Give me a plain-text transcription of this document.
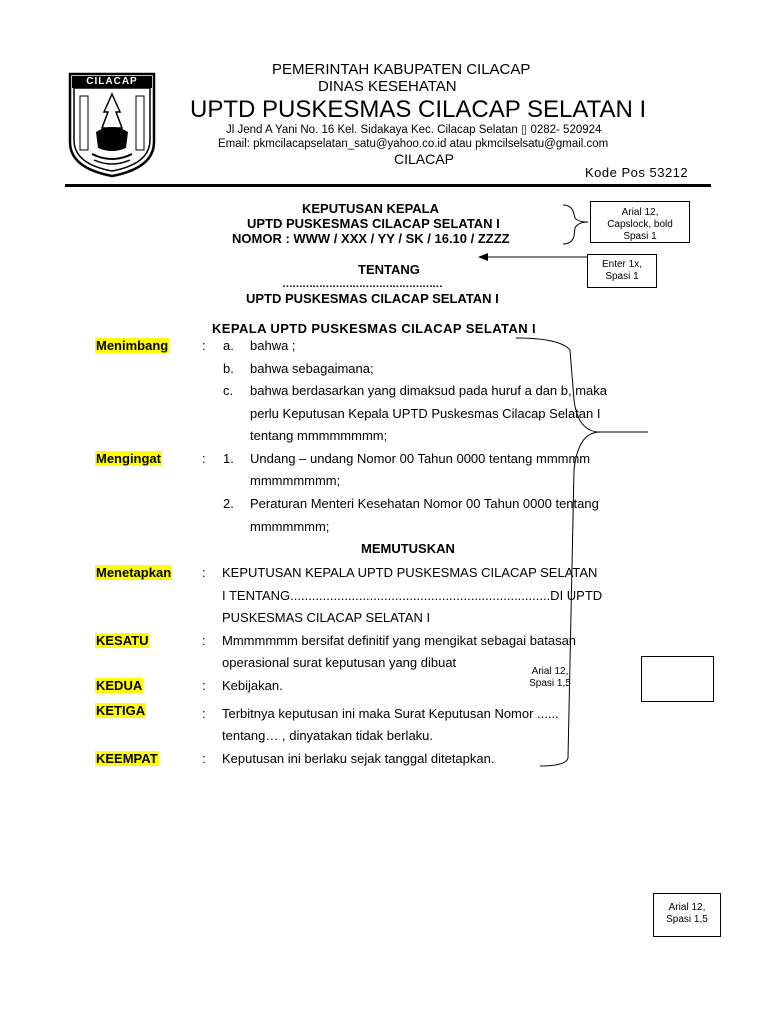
CILACAP
PEMERINTAH KABUPATEN CILACAP
DINAS KESEHATAN
UPTD PUSKESMAS CILACAP SELATAN I
Jl Jend A Yani No. 16 Kel. Sidakaya Kec. Cilacap Selatan ▯ 0282- 520924
Email: pkmcilacapselatan_satu@yahoo.co.id atau pkmcilselsatu@gmail.com
CILACAP
Kode Pos 53212
KEPUTUSAN KEPALA
UPTD PUSKESMAS CILACAP SELATAN I
NOMOR : WWW / XXX / YY / SK / 16.10 / ZZZZ
TENTANG
…………………………………………
UPTD PUSKESMAS CILACAP SELATAN I
KEPALA UPTD PUSKESMAS CILACAP SELATAN I
Menimbang	: a. bahwa ;
b. bahwa sebagaimana;
c. bahwa berdasarkan yang dimaksud pada huruf a dan b, maka
perlu Keputusan Kepala UPTD Puskesmas Cilacap Selatan I
tentang mmmmmmmm;
Mengingat	: 1. Undang – undang Nomor 00 Tahun 0000 tentang mmmmm
mmmmmmmm;
2. Peraturan Menteri Kesehatan Nomor 00 Tahun 0000 tentang
mmmmmmm;
MEMUTUSKAN
Menetapkan : KEPUTUSAN KEPALA UPTD PUSKESMAS CILACAP SELATAN
I TENTANG........................................................................DI UPTD
PUSKESMAS CILACAP SELATAN I
KESATU	: Mmmmmmm bersifat definitif yang mengikat sebagai batasan
operasional surat keputusan yang dibuat
KEDUA	: Kebijakan.
KETIGA	: Terbitnya keputusan ini maka Surat Keputusan Nomor ......
tentang… , dinyatakan tidak berlaku.
KEEMPAT	: Keputusan ini berlaku sejak tanggal ditetapkan.
Arial 12,
Capslock, bold
Spasi 1
Enter 1x,
Spasi 1
Arial 12,
Spasi 1,5
Arial 12,
Spasi 1,5
